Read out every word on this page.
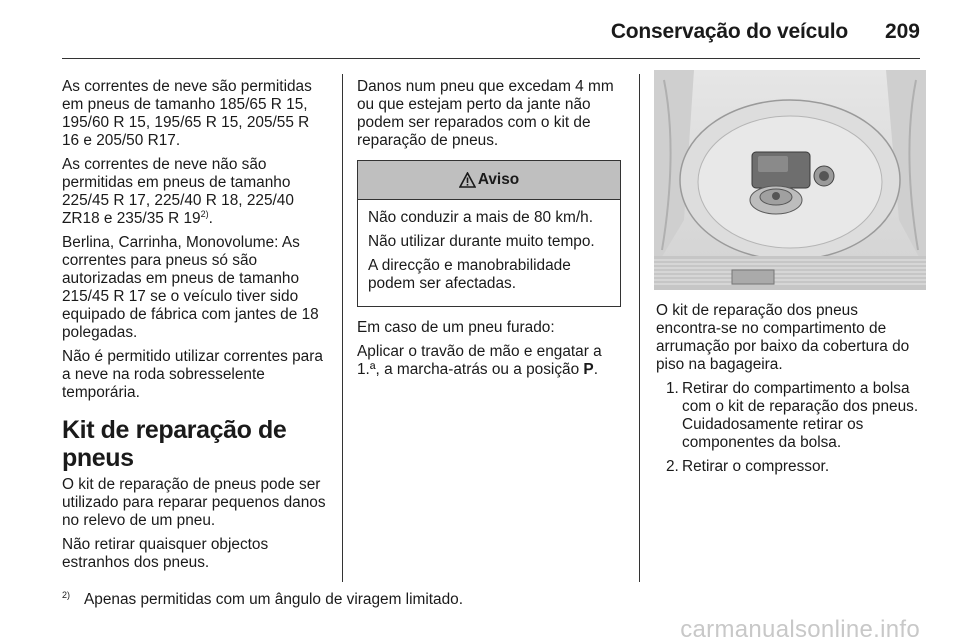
Conservação do veículo 209

As correntes de neve são permitidas em pneus de tamanho 185/65 R 15, 195/60 R 15, 195/65 R 15, 205/55 R 16 e 205/50 R17.

As correntes de neve não são permitidas em pneus de tamanho 225/45 R 17, 225/40 R 18, 225/40 ZR18 e 235/35 R 19$^{2)}$.

Berlina, Carrinha, Monovolume: As correntes para pneus só são autorizadas em pneus de tamanho 215/45 R 17 se o veículo tiver sido equipado de fábrica com jantes de 18 polegadas.

Não é permitido utilizar correntes para a neve na roda sobresselente temporária.

Kit de reparação de pneus

O kit de reparação de pneus pode ser utilizado para reparar pequenos danos no relevo de um pneu.

Não retirar quaisquer objectos estranhos dos pneus.

Danos num pneu que excedam 4 mm ou que estejam perto da jante não podem ser reparados com o kit de reparação de pneus.

Aviso

Não conduzir a mais de 80 km/h.

Não utilizar durante muito tempo.

A direcção e manobrabilidade podem ser afectadas.

Em caso de um pneu furado:

Aplicar o travão de mão e engatar a 1.ª, a marcha-atrás ou a posição P.

O kit de reparação dos pneus encontra-se no compartimento de arrumação por baixo da cobertura do piso na bagageira.

1. Retirar do compartimento a bolsa com o kit de reparação dos pneus. Cuidadosamente retirar os componentes da bolsa.
2. Retirar o compressor.
$^{2)}$ Apenas permitidas com um ângulo de viragem limitado.
carmanualsonline.info
